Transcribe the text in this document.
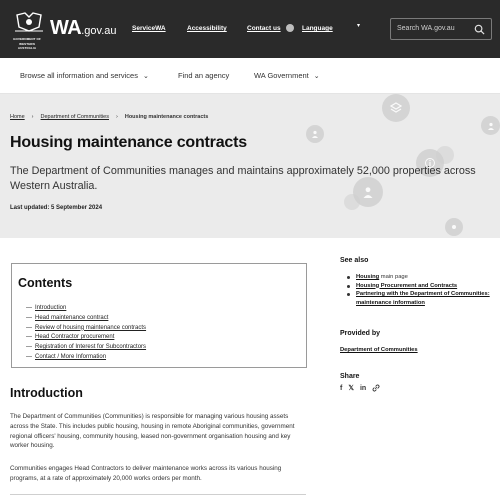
GOVERNMENT OF
WESTERN AUSTRALIA
WA.gov.au ServiceWA	Accessibility	Contact us	Language	▾	Search WA.gov.au
Browse all information and services ⌄	Find an agency	WA Government ⌄
Home › Department of Communities › Housing maintenance contracts
Housing maintenance contracts

The Department of Communities manages and maintains approximately 52,000 properties across Western Australia.

Last updated: 5 September 2024
Contents
— Introduction
— Head maintenance contract
— Review of housing maintenance contracts
— Head Contractor procurement
— Registration of Interest for Subcontractors
— Contact / More Information
Introduction

The Department of Communities (Communities) is responsible for managing various housing assets across the State. This includes public housing, housing in remote Aboriginal communities, government regional officers' housing, community housing, leased non-government organisation housing and key worker housing.

Communities engages Head Contractors to deliver maintenance works across its various housing programs, at a rate of approximately 20,000 works orders per month.

See also
Housing main page
Housing Procurement and Contracts
Partnering with the Department of Communities: maintenance information
Provided by
Department of Communities
Share
f 𝕏 in
